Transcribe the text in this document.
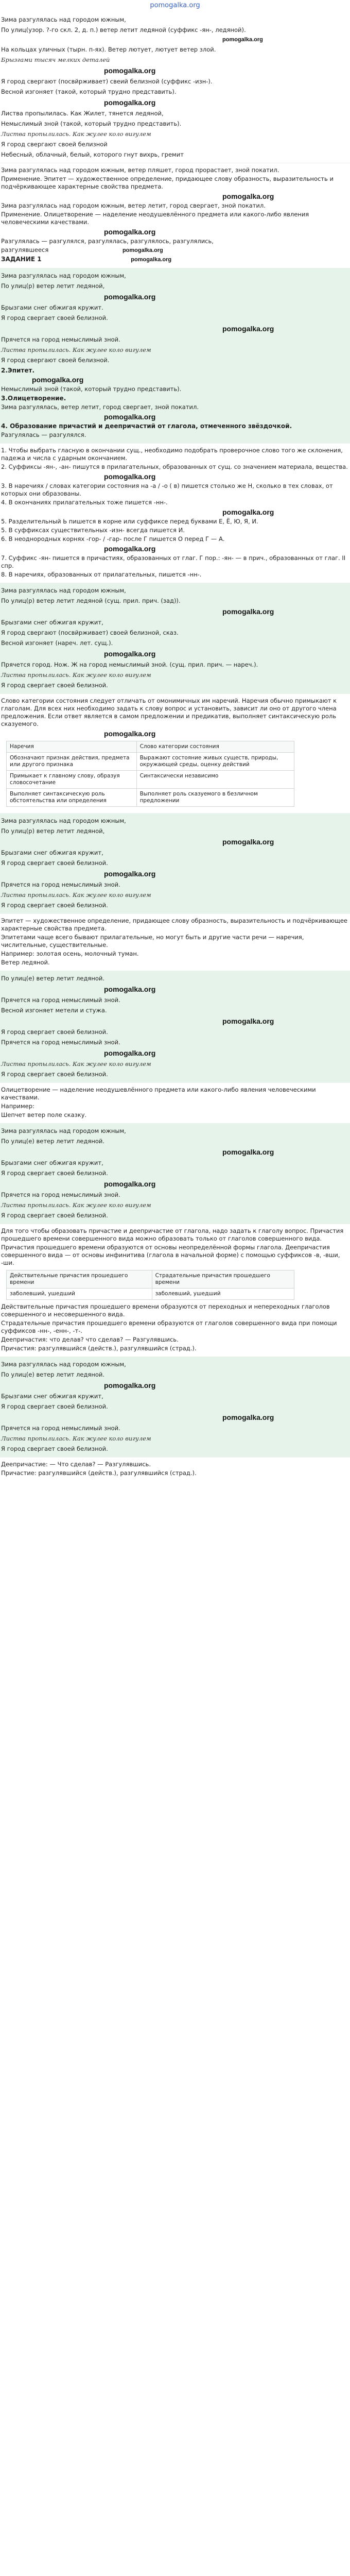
pomogalka.org
Зима разгулялась над городом южным,
По улиц(узор. ?-го скл. 2, д. п.) ветер летит ледяной (суффикс -ян-, ледяной).
pomogalka.org
На кольцах уличных (тырн. п-ях). Ветер лютует, лютует ветер злой.
Брызгами тысяч мелких деталей
pomogalka.org
Я город свергают (посвйрживает) свеий белизной (суффикс -изн-).
Весной изгоняет (такой, который трудно представить).
pomogalka.org
Листва пропылилась. Как Жилет, тянется ледяной,
Немыслимый зной (такой, который трудно представить).
Листва пропылилась. Как жулее коло вигулем
Я город свергают своей белизной
Небесный, облачный, белый, которого гнут вихрь, гремит
Зима разгулялась над городом южным, ветер пляшет, город прорастает, зной покатил.
Применение. Эпитет — художественное определение, придающее слову образность, выразительность и подчёркивающее характерные свойства предмета.
pomogalka.org
Зима разгулялась над городом южным, ветер летит, город свергает, зной покатил.
Применение. Олицетворение — наделение неодушевлённого предмета или какого-либо явления человеческими качествами.
pomogalka.org
Разгулялась — разгулялся, разгулялась, разгулялось, разгулялись,
разгулявшееся	pomogalka.org
ЗАДАНИЕ 1	pomogalka.org
Зима разгулялась над городом южным,
По улиц(р) ветер летит ледяной,
pomogalka.org
Брызгами снег обжигая кружит.
Я город свергает своей белизной.
pomogalka.org
Прячется на город немыслимый зной.
Листва пропылилась. Как жулее коло вигулем
Я город свергают своей белизной.
2.Эпитет.
pomogalka.org
Немыслимый зной (такой, который трудно представить).
3.Олицетворение.
Зима разгулялась, ветер летит, город свергает, зной покатил.
pomogalka.org
4. Образование причастий и деепричастий от глагола, отмеченного звёздочкой.
Разгулялась — разгулялся.
1. Чтобы выбрать гласную в окончании сущ., необходимо подобрать проверочное слово того же склонения, падежа и числа с ударным окончанием.
2. Суффиксы -ян-, -ан- пишутся в прилагательных, образованных от сущ. со значением материала, вещества.
pomogalka.org
3. В наречиях / словах категории состояния на -а / -о ( в) пишется столько же Н, сколько в тех словах, от которых они образованы.
4. В окончаниях прилагательных тоже пишется -нн-.
pomogalka.org
5. Разделительный Ь пишется в корне или суффиксе перед буквами Е, Ё, Ю, Я, И.
5. В суффиксах существительных -изн- всегда пишется И.
6. В неоднородных корнях -гор- / -гар- после Г пишется О перед Г — А.
pomogalka.org
7. Суффикс -ян- пишется в причастиях, образованных от глаг. Г пор.: -ян- — в прич., образованных от глаг. II спр.
8. В наречиях, образованных от прилагательных, пишется -нн-.
Зима разгулялась над городом южным,
По улиц(р) ветер летит ледяной (сущ. прил. прич. (зад)).
pomogalka.org
Брызгами снег обжигая кружит,
Я город свергают (посвйрживает) своей белизной, сказ.
Весной изгоняет (нареч. лет. сущ.).
pomogalka.org
Прячется город. Нож. Ж на город немыслимый зной. (сущ. прил. прич. — нареч.).
Листва пропылилась. Как жулее коло вигулем
Я город свергает своей белизной.
Слово категории состояния следует отличать от омонимичных им наречий. Наречия обычно примыкают к глаголам. Для всех них необходимо задать к слову вопрос и установить, зависит ли оно от другого члена предложения. Если ответ является в самом предложении и предикатив, выполняет синтаксическую роль сказуемого.
pomogalka.org
Наречия	Слово категории состояния
Обозначают признак действия, предмета или другого признака	Выражают состояние живых существ, природы, окружающей среды, оценку действий
Примыкает к главному слову, образуя словосочетание	Синтаксически независимо
Выполняет синтаксическую роль обстоятельства или определения	Выполняет роль сказуемого в безличном предложении
Зима разгулялась над городом южным,
По улиц(р) ветер летит ледяной,
pomogalka.org
Брызгами снег обжигая кружит,
Я город свергает своей белизной.
pomogalka.org
Прячется на город немыслимый зной.
Листва пропылилась. Как жулее коло вигулем
Я город свергает своей белизной.
Эпитет — художественное определение, придающее слову образность, выразительность и подчёркивающее характерные свойства предмета.
Эпитетами чаще всего бывают прилагательные, но могут быть и другие части речи — наречия, числительные, существительные.
Например: золотая осень, молочный туман.
Ветер ледяной.
По улиц(е) ветер летит ледяной.
pomogalka.org
Прячется на город немыслимый зной.
Весной изгоняет метели и стужа.
pomogalka.org
Я город свергает своей белизной.
Прячется на город немыслимый зной.
pomogalka.org
Листва пропылилась. Как жулее коло вигулем
Я город свергает своей белизной.
Олицетворение — наделение неодушевлённого предмета или какого-либо явления человеческими качествами.
Например:
Шепчет ветер поле сказку.
Зима разгулялась над городом южным,
По улиц(е) ветер летит ледяной.
pomogalka.org
Брызгами снег обжигая кружит,
Я город свергает своей белизной.
pomogalka.org
Прячется на город немыслимый зной.
Листва пропылилась. Как жулее коло вигулем
Я город свергает своей белизной.
Для того чтобы образовать причастие и деепричастие от глагола, надо задать к глаголу вопрос. Причастия прошедшего времени совершенного вида можно образовать только от глаголов совершенного вида.
Причастия прошедшего времени образуются от основы неопределённой формы глагола. Деепричастия совершенного вида — от основы инфинитива (глагола в начальной форме) с помощью суффиксов -в, -вши, -ши.
Действительные причастия прошедшего времени	Страдательные причастия прошедшего времени
заболевший, ушедший	заболевший, ушедший
Действительные причастия прошедшего времени образуются от переходных и непереходных глаголов совершенного и несовершенного вида.
Страдательные причастия прошедшего времени образуются от глаголов совершенного вида при помощи суффиксов -нн-, -енн-, -т-.
Деепричастия: что делав? что сделав? — Разгулявшись.
Причастия: разгулявшийся (действ.), разгулявшийся (страд.).
Зима разгулялась над городом южным,
По улиц(е) ветер летит ледяной.
pomogalka.org
Брызгами снег обжигая кружит,
Я город свергает своей белизной.
pomogalka.org
Прячется на город немыслимый зной.
Листва пропылилась. Как жулее коло вигулем
Я город свергает своей белизной.
Деепричастие: — Что сделав? — Разгулявшись.
Причастие: разгулявшийся (действ.), разгулявшийся (страд.).
